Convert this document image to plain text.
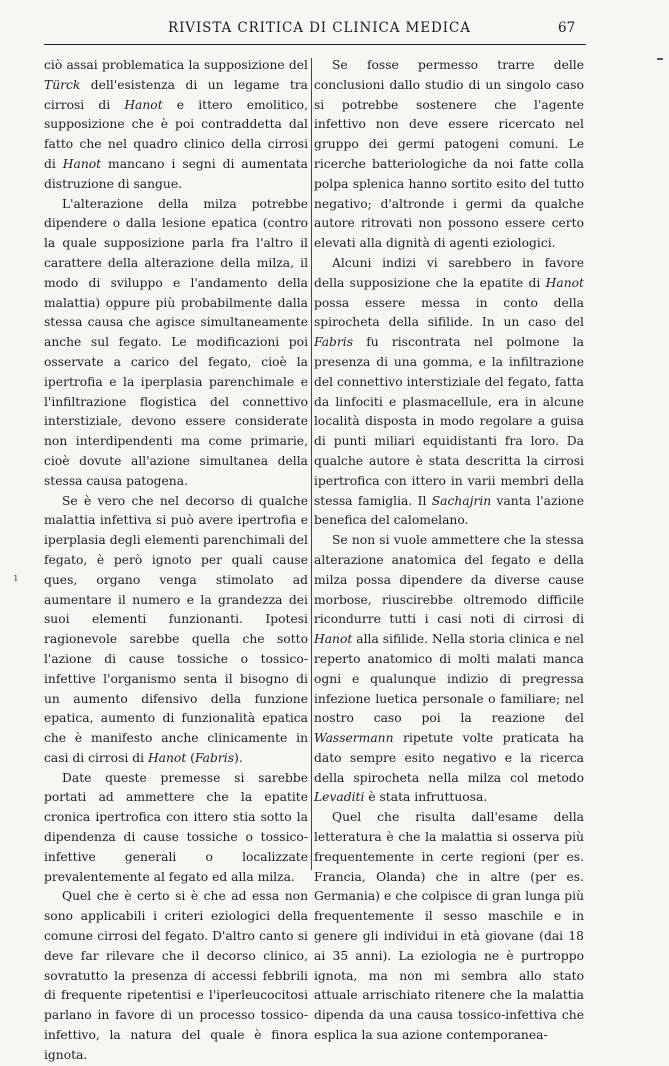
RIVISTA CRITICA DI CLINICA MEDICA	67
ı

ciò assai problematica la supposizione del Türck dell'esistenza di un legame tra cirrosi di Hanot e ittero emolitico, supposizione che è poi contraddetta dal fatto che nel quadro clinico della cirrosi di Hanot mancano i segni di aumentata distruzione di sangue.

L'alterazione della milza potrebbe dipendere o dalla lesione epatica (contro la quale supposizione parla fra l'altro il carattere della alterazione della milza, il modo di sviluppo e l'andamento della malattia) oppure più probabilmente dalla stessa causa che agisce simultaneamente anche sul fegato. Le modificazioni poi osservate a carico del fegato, cioè la ipertrofia e la iperplasia parenchimale e l'infiltrazione flogistica del connettivo interstiziale, devono essere considerate non interdipendenti ma come primarie, cioè dovute all'azione simultanea della stessa causa patogena.

Se è vero che nel decorso di qualche malattia infettiva si può avere ipertrofia e iperplasia degli elementi parenchimali del fegato, è però ignoto per quali cause ques, organo venga stimolato ad aumentare il numero e la grandezza dei suoi elementi funzionanti. Ipotesi ragionevole sarebbe quella che sotto l'azione di cause tossiche o tossico-infettive l'organismo senta il bisogno di un aumento difensivo della funzione epatica, aumento di funzionalità epatica che è manifesto anche clinicamente in casi di cirrosi di Hanot (Fabris).

Date queste premesse si sarebbe portati ad ammettere che la epatite cronica ipertrofica con ittero stia sotto la dipendenza di cause tossiche o tossico-infettive generali o localizzate prevalentemente al fegato ed alla milza.

Quel che è certo si è che ad essa non sono applicabili i criteri eziologici della comune cirrosi del fegato. D'altro canto si deve far rilevare che il decorso clinico, sovratutto la presenza di accessi febbrili di frequente ripetentisi e l'iperleucocitosi parlano in favore di un processo tossico-infettivo, la natura del quale è finora ignota.

Se fosse permesso trarre delle conclusioni dallo studio di un singolo caso si potrebbe sostenere che l'agente infettivo non deve essere ricercato nel gruppo dei germi patogeni comuni. Le ricerche batteriologiche da noi fatte colla polpa splenica hanno sortito esito del tutto negativo; d'altronde i germi da qualche autore ritrovati non possono essere certo elevati alla dignità di agenti eziologici.

Alcuni indizi vi sarebbero in favore della supposizione che la epatite di Hanot possa essere messa in conto della spirocheta della sifilide. In un caso del Fabris fu riscontrata nel polmone la presenza di una gomma, e la infiltrazione del connettivo interstiziale del fegato, fatta da linfociti e plasmacellule, era in alcune località disposta in modo regolare a guisa di punti miliari equidistanti fra loro. Da qualche autore è stata descritta la cirrosi ipertrofica con ittero in varii membri della stessa famiglia. Il Sachajrin vanta l'azione benefica del calomelano.

Se non si vuole ammettere che la stessa alterazione anatomica del fegato e della milza possa dipendere da diverse cause morbose, riuscirebbe oltremodo difficile ricondurre tutti i casi noti di cirrosi di Hanot alla sifilide. Nella storia clinica e nel reperto anatomico di molti malati manca ogni e qualunque indizio di pregressa infezione luetica personale o familiare; nel nostro caso poi la reazione del Wassermann ripetute volte praticata ha dato sempre esito negativo e la ricerca della spirocheta nella milza col metodo Levaditi è stata infruttuosa.

Quel che risulta dall'esame della letteratura è che la malattia si osserva più frequentemente in certe regioni (per es. Francia, Olanda) che in altre (per es. Germania) e che colpisce di gran lunga più frequentemente il sesso maschile e in genere gli individui in età giovane (dai 18 ai 35 anni). La eziologia ne è purtroppo ignota, ma non mi sembra allo stato attuale arrischiato ritenere che la malattia dipenda da una causa tossico-infettiva che esplica la sua azione contemporanea-
